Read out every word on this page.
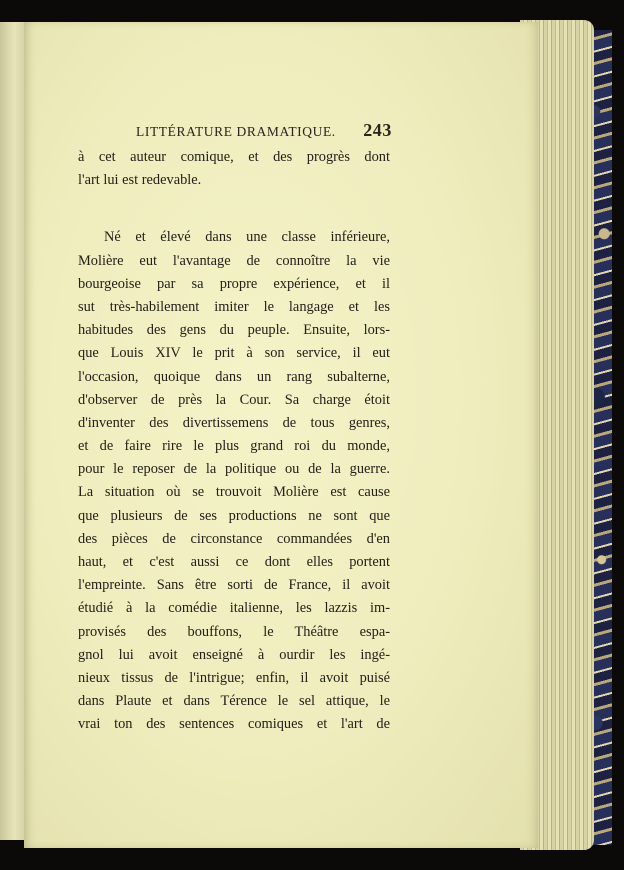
LITTÉRATURE DRAMATIQUE. 243
à cet auteur comique, et des progrès dont
l'art lui est redevable.
Né et élevé dans une classe inférieure,
Molière eut l'avantage de connoître la vie
bourgeoise par sa propre expérience, et il
sut très-habilement imiter le langage et les
habitudes des gens du peuple. Ensuite, lors-
que Louis XIV le prit à son service, il eut
l'occasion, quoique dans un rang subalterne,
d'observer de près la Cour. Sa charge étoit
d'inventer des divertissemens de tous genres,
et de faire rire le plus grand roi du monde,
pour le reposer de la politique ou de la guerre.
La situation où se trouvoit Molière est cause
que plusieurs de ses productions ne sont que
des pièces de circonstance commandées d'en
haut, et c'est aussi ce dont elles portent
l'empreinte. Sans être sorti de France, il avoit
étudié à la comédie italienne, les lazzis im-
provisés des bouffons, le Théâtre espa-
gnol lui avoit enseigné à ourdir les ingé-
nieux tissus de l'intrigue; enfin, il avoit puisé
dans Plaute et dans Térence le sel attique, le
vrai ton des sentences comiques et l'art de
